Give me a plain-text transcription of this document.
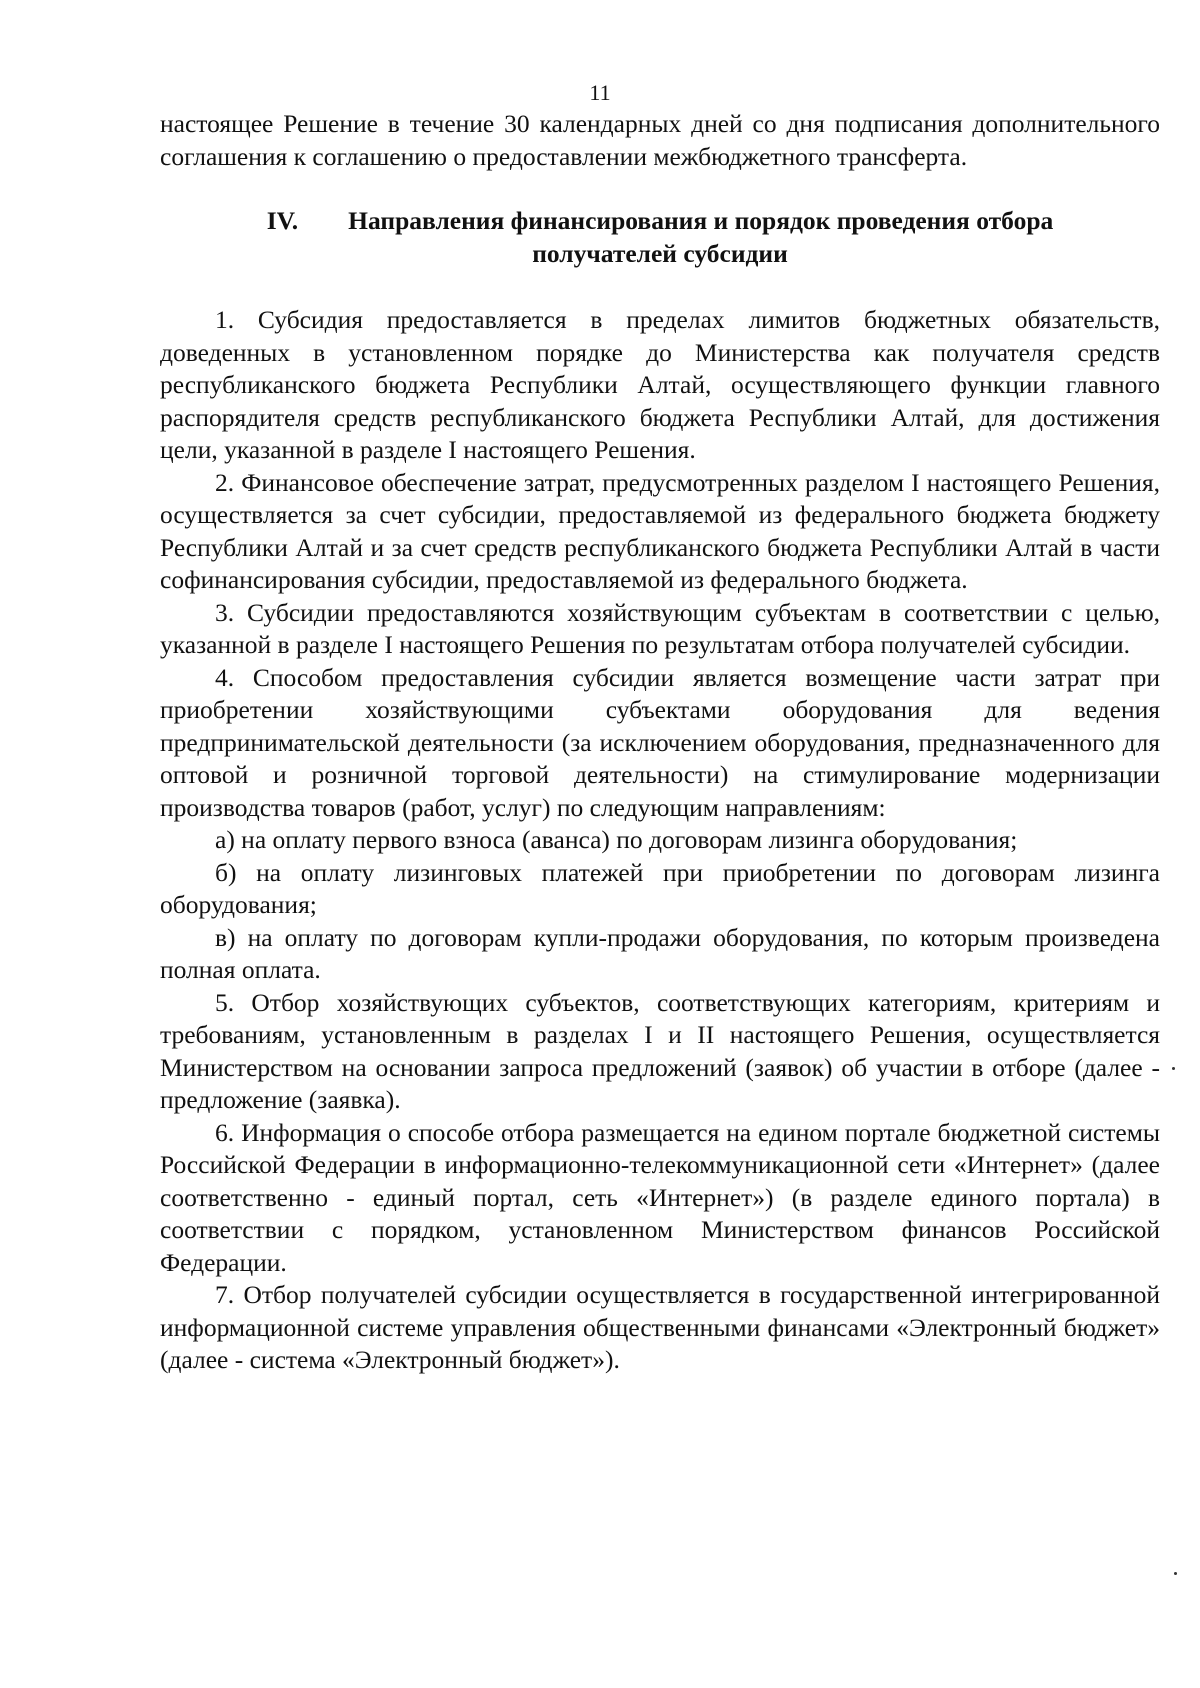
11

настоящее Решение в течение 30 календарных дней со дня подписания дополнительного соглашения к соглашению о предоставлении межбюджетного трансферта.

IV. Направления финансирования и порядок проведения отбора
получателей субсидии

1. Субсидия предоставляется в пределах лимитов бюджетных обязательств, доведенных в установленном порядке до Министерства как получателя средств республиканского бюджета Республики Алтай, осуществляющего функции главного распорядителя средств республиканского бюджета Республики Алтай, для достижения цели, указанной в разделе I настоящего Решения.

2. Финансовое обеспечение затрат, предусмотренных разделом I настоящего Решения, осуществляется за счет субсидии, предоставляемой из федерального бюджета бюджету Республики Алтай и за счет средств республиканского бюджета Республики Алтай в части софинансирования субсидии, предоставляемой из федерального бюджета.

3. Субсидии предоставляются хозяйствующим субъектам в соответствии с целью, указанной в разделе I настоящего Решения по результатам отбора получателей субсидии.

4. Способом предоставления субсидии является возмещение части затрат при приобретении хозяйствующими субъектами оборудования для ведения предпринимательской деятельности (за исключением оборудования, предназначенного для оптовой и розничной торговой деятельности) на стимулирование модернизации производства товаров (работ, услуг) по следующим направлениям:

а) на оплату первого взноса (аванса) по договорам лизинга оборудования;

б) на оплату лизинговых платежей при приобретении по договорам лизинга оборудования;

в) на оплату по договорам купли-продажи оборудования, по которым произведена полная оплата.

5. Отбор хозяйствующих субъектов, соответствующих категориям, критериям и требованиям, установленным в разделах I и II настоящего Решения, осуществляется Министерством на основании запроса предложений (заявок) об участии в отборе (далее - предложение (заявка).

6. Информация о способе отбора размещается на едином портале бюджетной системы Российской Федерации в информационно-телекоммуникационной сети «Интернет» (далее соответственно - единый портал, сеть «Интернет») (в разделе единого портала) в соответствии с порядком, установленном Министерством финансов Российской Федерации.

7. Отбор получателей субсидии осуществляется в государственной интегрированной информационной системе управления общественными финансами «Электронный бюджет» (далее - система «Электронный бюджет»).
